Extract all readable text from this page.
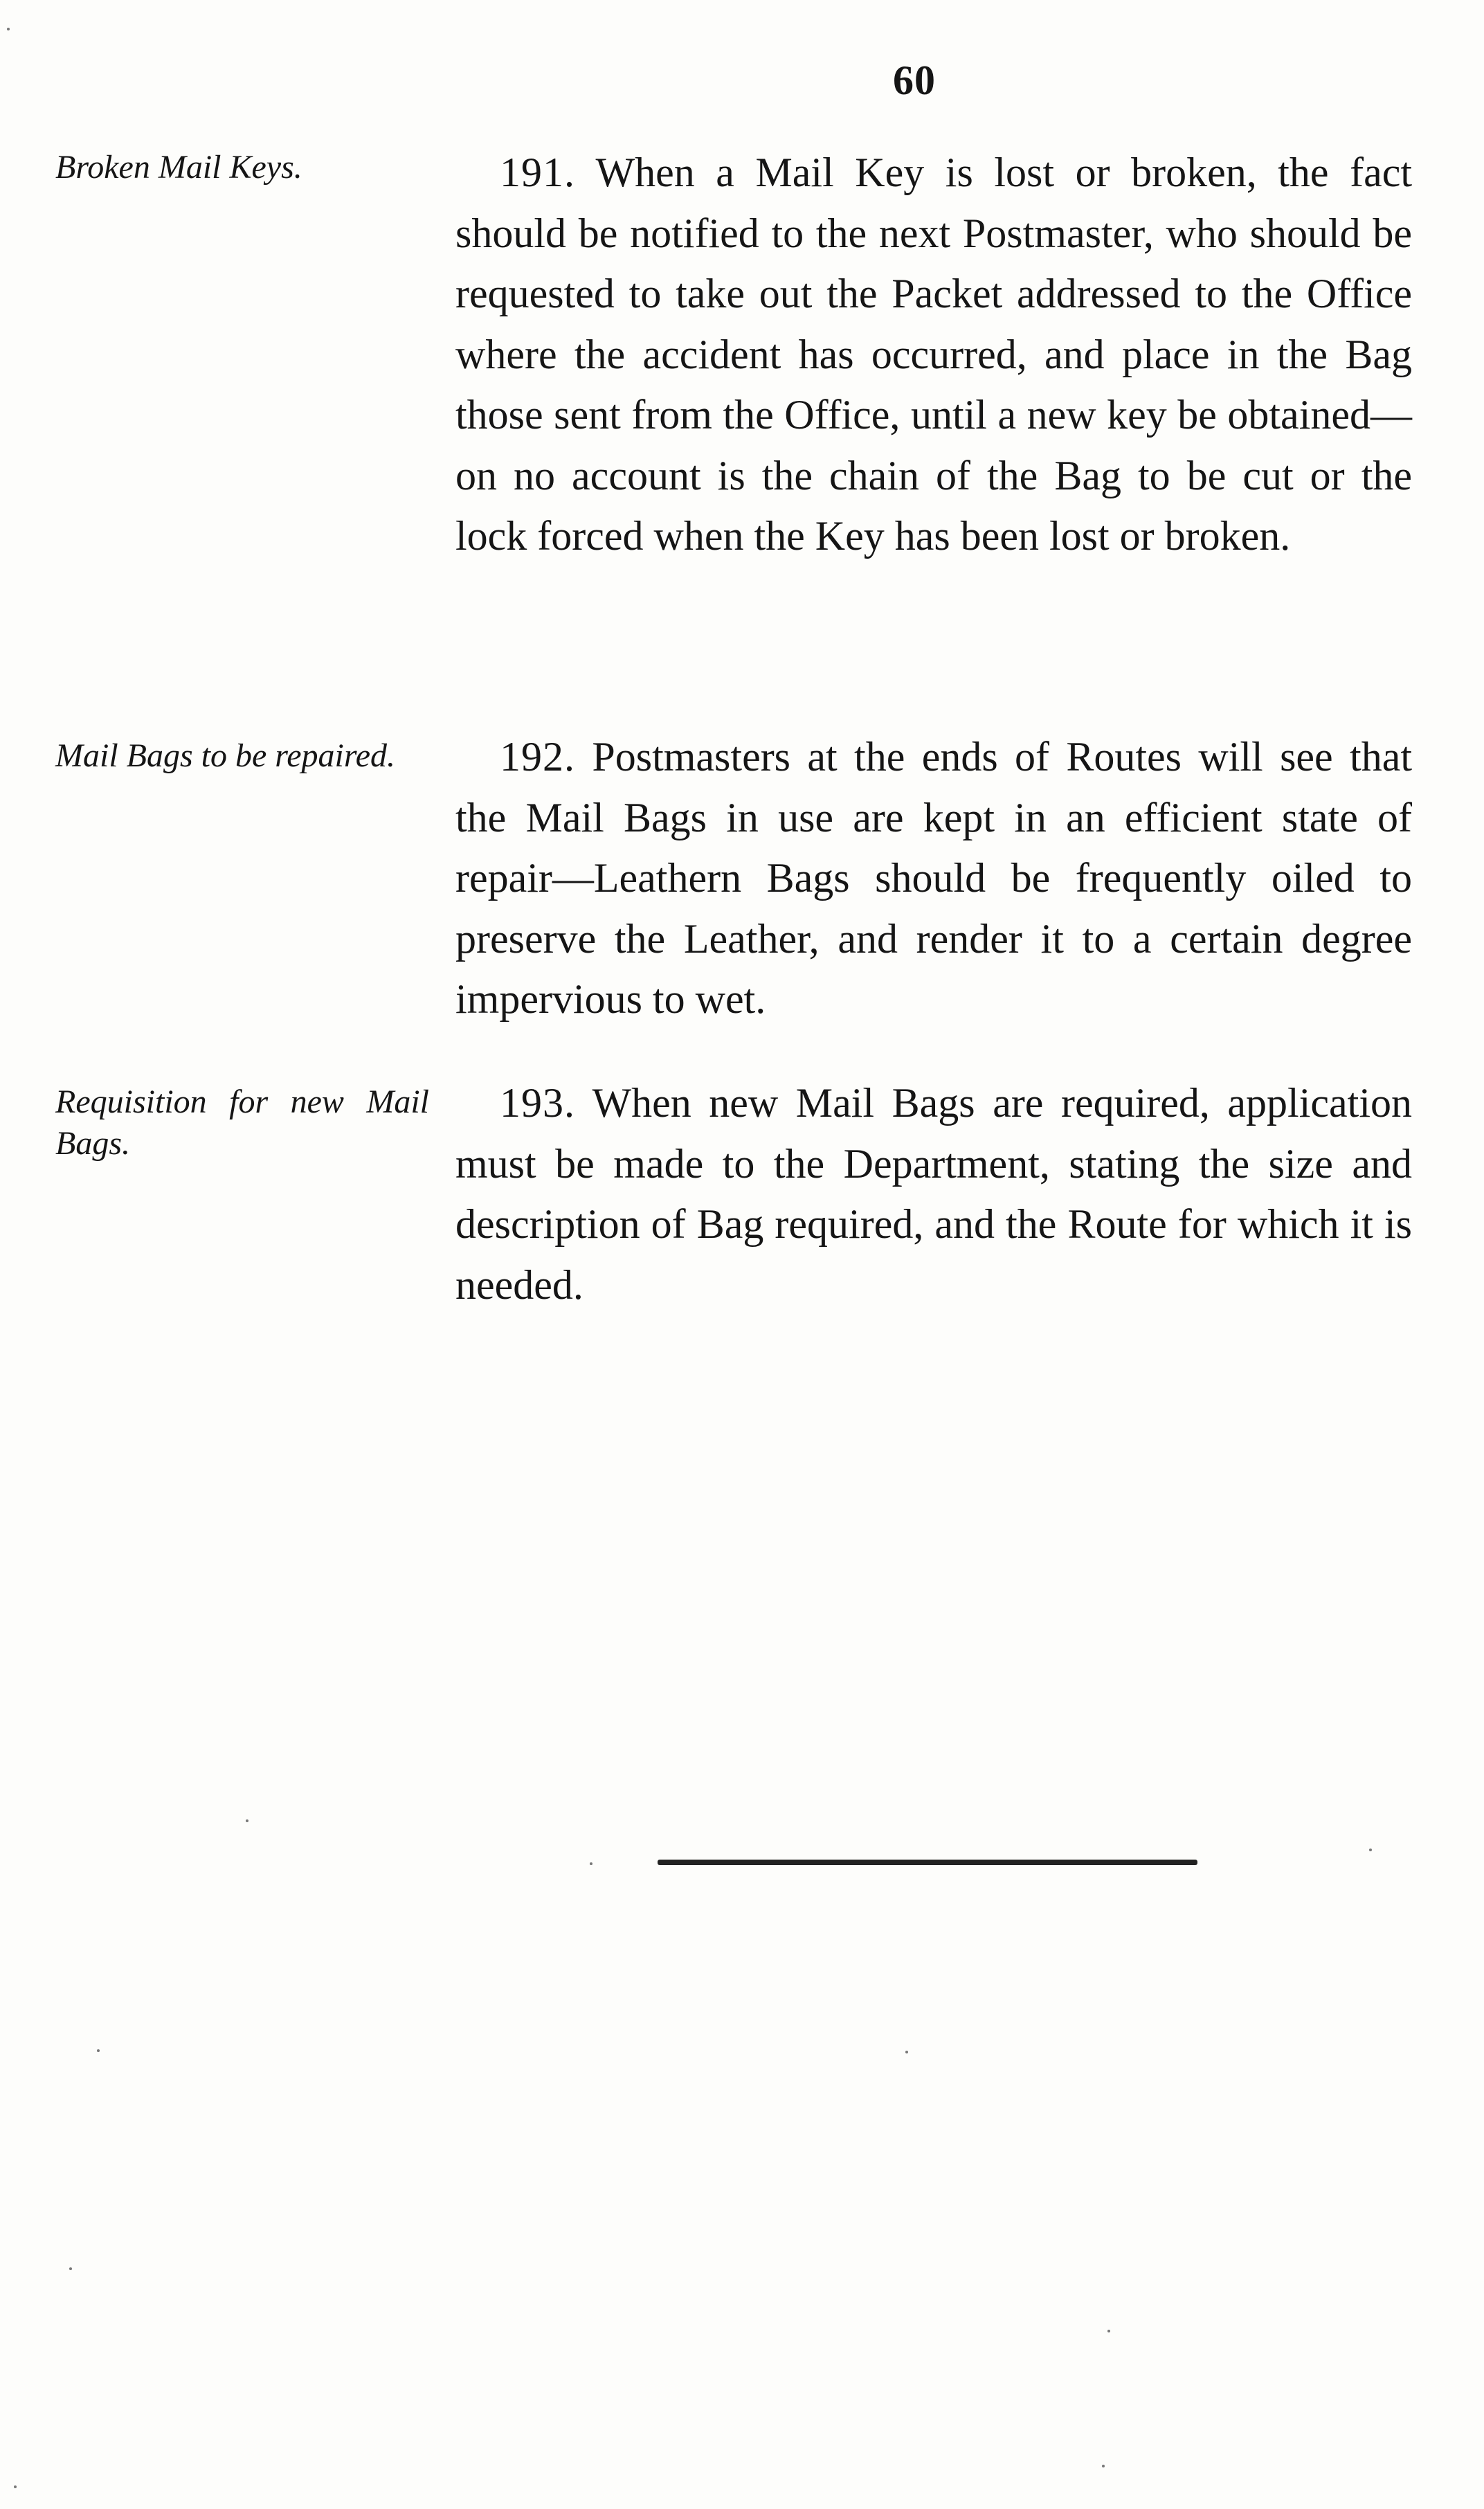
60
Broken Mail Keys.	191. When a Mail Key is lost or broken, the fact should be notified to the next Postmaster, who should be requested to take out the Packet addressed to the Office where the accident has occurred, and place in the Bag those sent from the Office, until a new key be obtained—on no account is the chain of the Bag to be cut or the lock forced when the Key has been lost or broken.
Mail Bags to be repaired.	192. Postmasters at the ends of Routes will see that the Mail Bags in use are kept in an efficient state of repair—Leathern Bags should be frequently oiled to preserve the Leather, and render it to a certain degree impervious to wet.
Requisition for new Mail Bags.
193. When new Mail Bags are required, application must be made to the Department, stating the size and description of Bag required, and the Route for which it is needed.
